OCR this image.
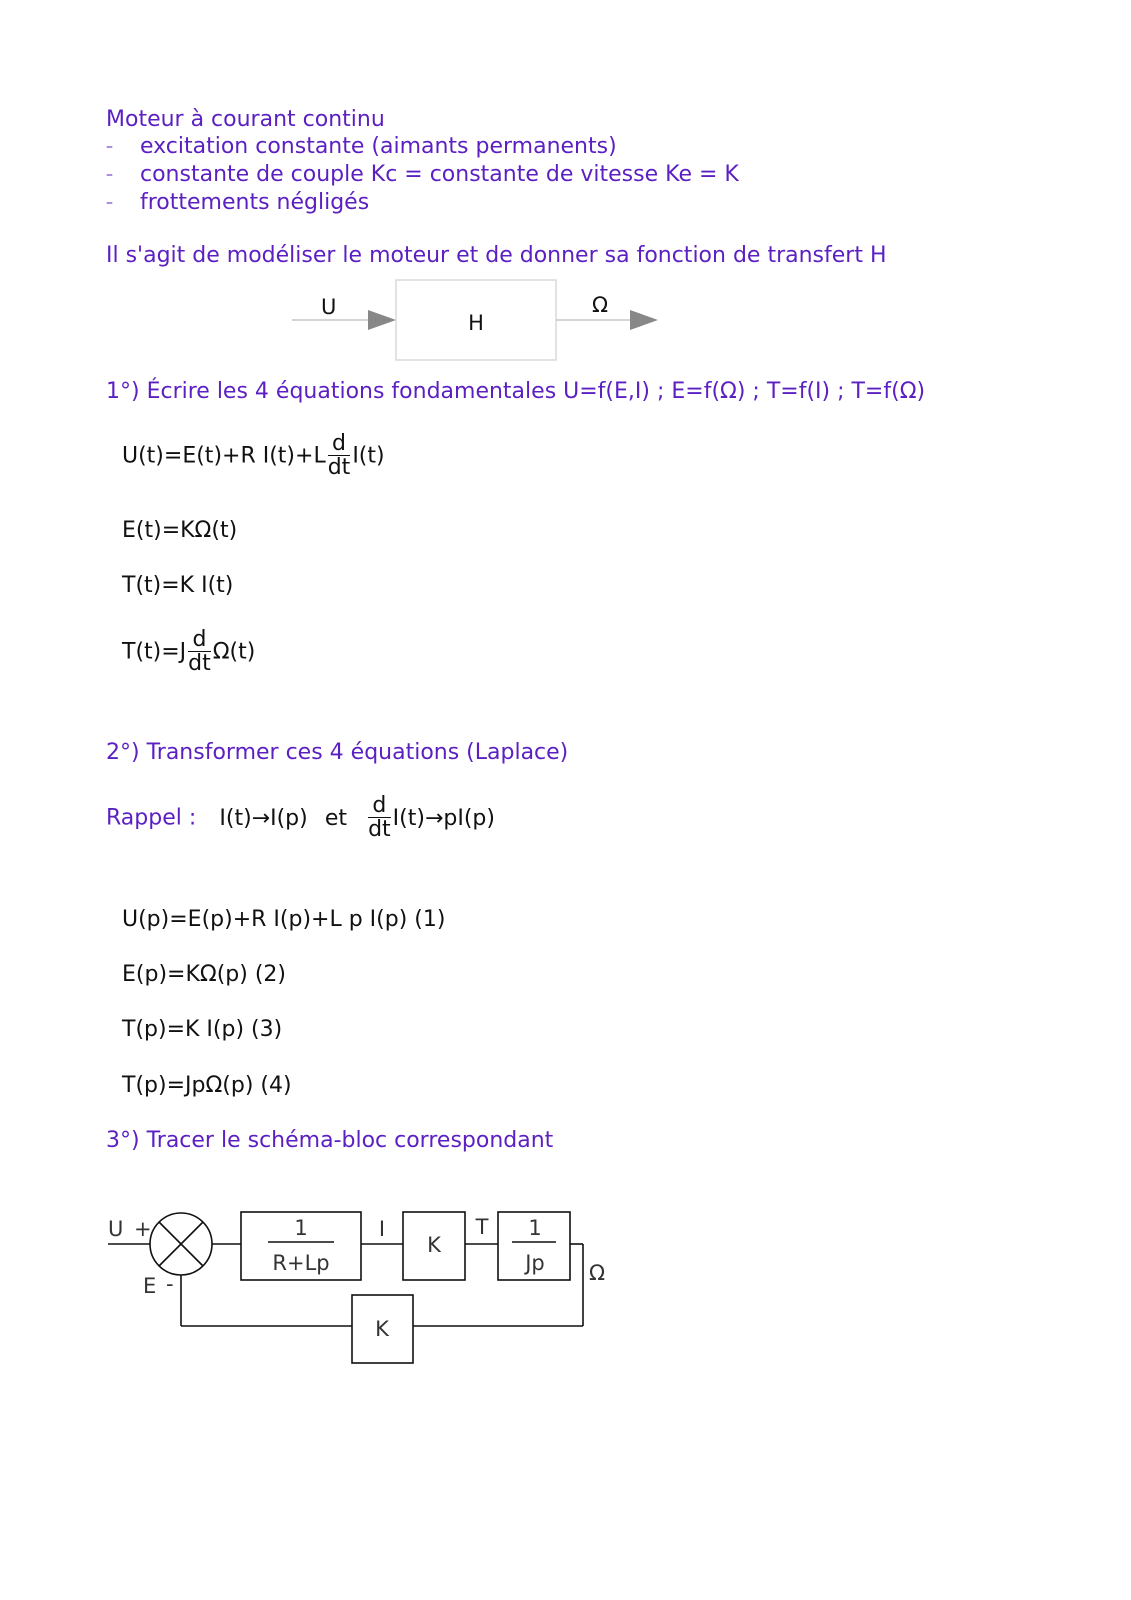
Moteur à courant continu
– excitation constante (aimants permanents)
– constante de couple Kc = constante de vitesse Ke = K
– frottements négligés
Il s'agit de modéliser le moteur et de donner sa fonction de transfert H
U
H
Ω
1°) Écrire les 4 équations fondamentales U=f(E,I) ; E=f(Ω) ; T=f(I) ; T=f(Ω)
U(t)=E(t)+R $I(t)+L \frac{d}{dt} I(t)$
E(t)=KΩ(t)
T(t)=K I(t)
$T(t)=J \frac{d}{dt} \Omega(t)$
2°) Transformer ces 4 équations (Laplace)
Rappel : I(t)→I(p) et $\frac{d}{dt} I(t)\to pI(p)$
U(p)=E(p)+R I(p)+L p I(p) (1)
E(p)=KΩ(p) (2)
T(p)=K I(p) (3)
T(p)=JpΩ(p) (4)
3°) Tracer le schéma-bloc correspondant
U +
E -
1
R+Lp
I
K
T 1
Jp Ω
K
